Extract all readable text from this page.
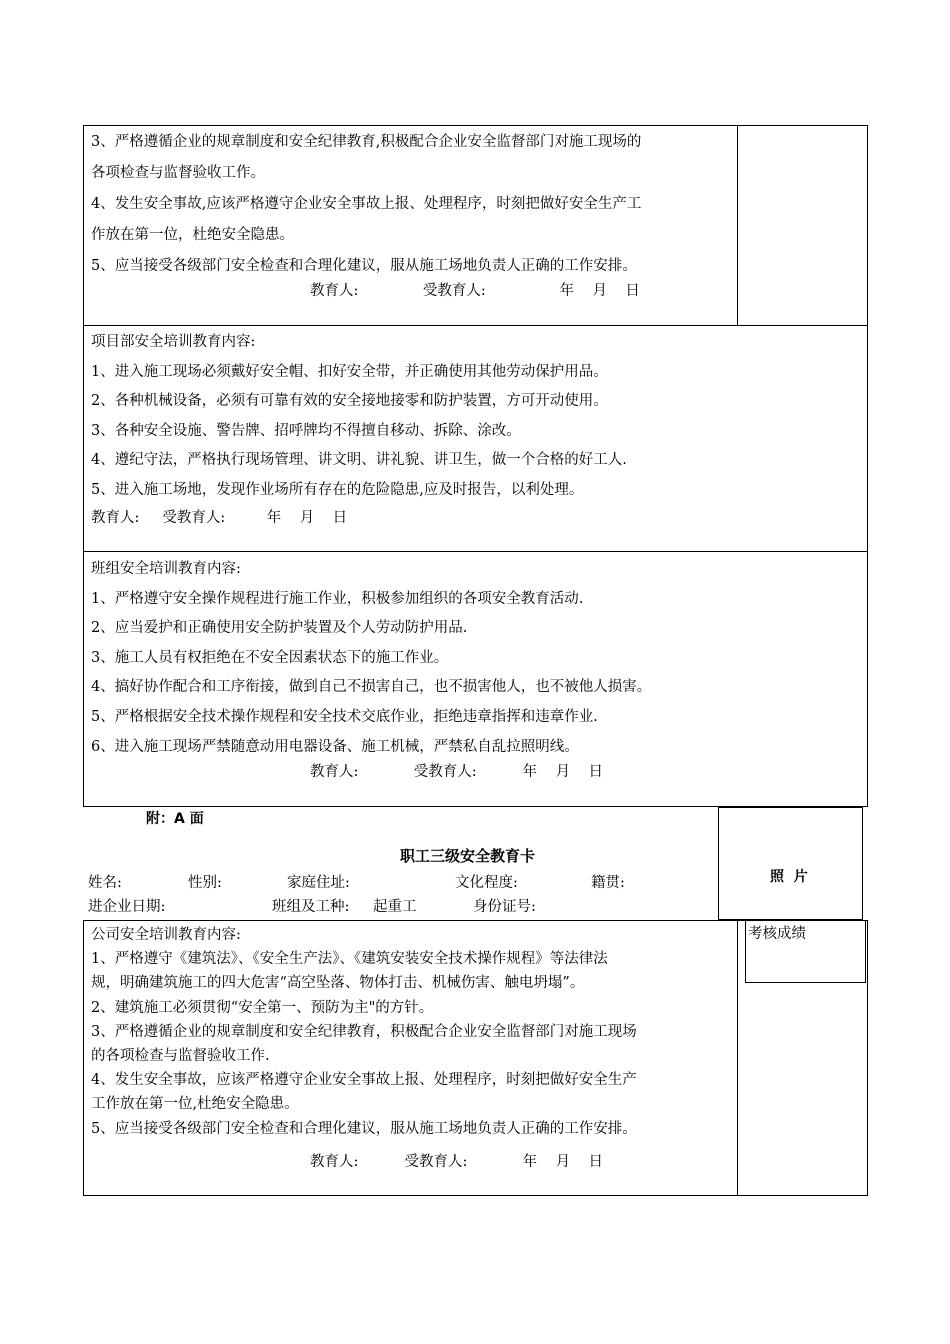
3、严格遵循企业的规章制度和安全纪律教育,积极配合企业安全监督部门对施工现场的

各项检查与监督验收工作。

4、发生安全事故,应该严格遵守企业安全事故上报、处理程序，时刻把做好安全生产工

作放在第一位，杜绝安全隐患。

5、应当接受各级部门安全检查和合理化建议，服从施工场地负责人正确的工作安排。

教育人:              受教育人:                年    月    日

项目部安全培训教育内容:

1、进入施工现场必须戴好安全帽、扣好安全带，并正确使用其他劳动保护用品。

2、各种机械设备，必须有可靠有效的安全接地接零和防护装置，方可开动使用。

3、各种安全设施、警告牌、招呼牌均不得擅自移动、拆除、涂改。

4、遵纪守法，严格执行现场管理、讲文明、讲礼貌、讲卫生，做一个合格的好工人.

5、进入施工场地，发现作业场所有存在的危险隐患,应及时报告，以利处理。

教育人:     受教育人:         年    月    日

班组安全培训教育内容:

1、严格遵守安全操作规程进行施工作业，积极参加组织的各项安全教育活动.

2、应当爱护和正确使用安全防护装置及个人劳动防护用品.

3、施工人员有权拒绝在不安全因素状态下的施工作业。

4、搞好协作配合和工序衔接，做到自己不损害自己，也不损害他人，也不被他人损害。

5、严格根据安全技术操作规程和安全技术交底作业，拒绝违章指挥和违章作业.

6、进入施工现场严禁随意动用电器设备、施工机械，严禁私自乱拉照明线。

教育人:            受教育人:          年    月    日
附：A 面
照  片
职工三级安全教育卡
姓名:	性别:	家庭住址:	文化程度:	籍贯:
进企业日期:	班组及工种: 起重工	身份证号:
考核成绩

公司安全培训教育内容:

1、严格遵守《建筑法》、《安全生产法》、《建筑安装安全技术操作规程》等法律法

规，明确建筑施工的四大危害“高空坠落、物体打击、机械伤害、触电坍塌”。

2、建筑施工必须贯彻“安全第一、预防为主"的方针。

3、严格遵循企业的规章制度和安全纪律教育，积极配合企业安全监督部门对施工现场

的各项检查与监督验收工作.

4、发生安全事故，应该严格遵守企业安全事故上报、处理程序，时刻把做好安全生产

工作放在第一位,杜绝安全隐患。

5、应当接受各级部门安全检查和合理化建议，服从施工场地负责人正确的工作安排。

教育人:          受教育人:            年    月    日
